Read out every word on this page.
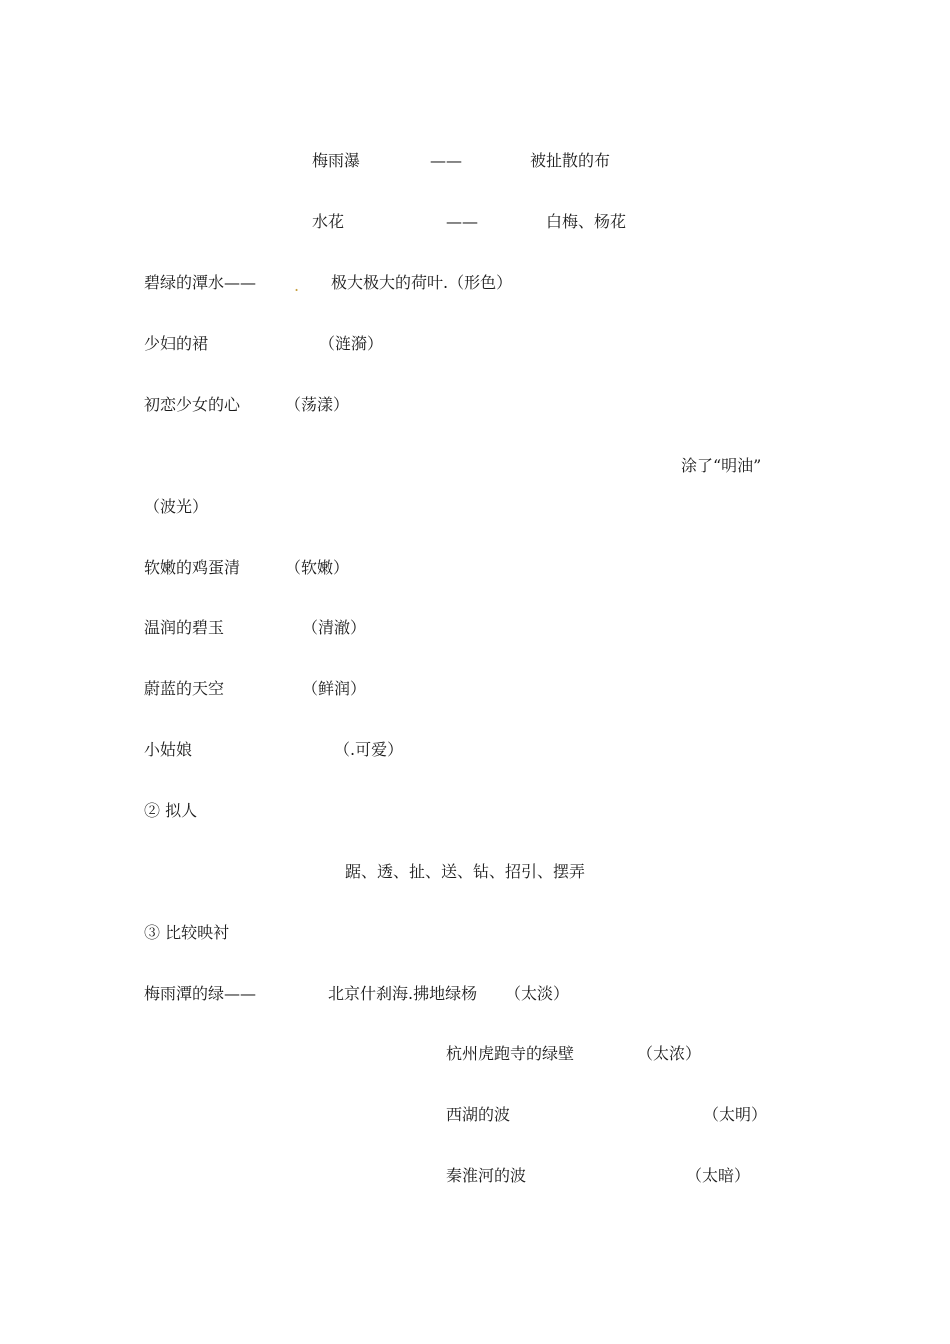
梅雨瀑	——	被扯散的布
水花	——	白梅、杨花
碧绿的潭水—— . 极大极大的荷叶.（形色）
少妇的裙	（涟漪）
初恋少女的心	（荡漾）
涂了“明油”
（波光）
软嫩的鸡蛋清	（软嫩）
温润的碧玉	（清澈）
蔚蓝的天空	（鲜润）
小姑娘	（.可爱）
② 拟人
踞、透、扯、送、钻、招引、摆弄
③ 比较映衬
梅雨潭的绿——	北京什刹海.拂地绿杨 （太淡）
杭州虎跑寺的绿壁	（太浓）
西湖的波	（太明）
秦淮河的波	（太暗）
